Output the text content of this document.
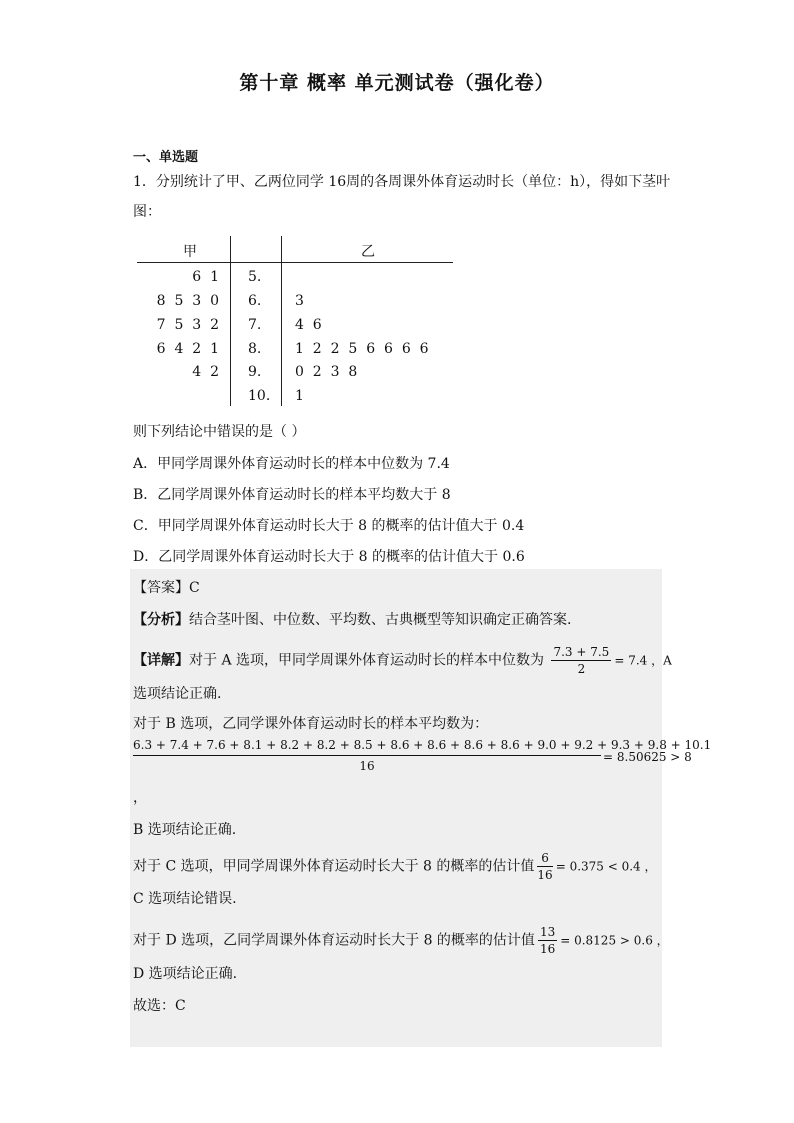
第十章 概率 单元测试卷（强化卷）
一、单选题
1．分别统计了甲、乙两位同学 16周的各周课外体育运动时长（单位：h），得如下茎叶
图：
甲	乙
6  1 5.
8  5  3  0 6. 3
7  5  3  2 7. 4  6
6  4  2  1 8. 1  2  2  5  6  6  6  6
4  2 9. 0  2  3  8
10. 1
则下列结论中错误的是（ ）
A．甲同学周课外体育运动时长的样本中位数为 7.4
B．乙同学周课外体育运动时长的样本平均数大于 8
C．甲同学周课外体育运动时长大于 8 的概率的估计值大于 0.4
D．乙同学周课外体育运动时长大于 8 的概率的估计值大于 0.6
【答案】C
【分析】结合茎叶图、中位数、平均数、古典概型等知识确定正确答案.
【详解】对于 A 选项，甲同学周课外体育运动时长的样本中位数为 $\frac{7.3 + 7.5}{2} = 7.4$ ，A
选项结论正确.
对于 B 选项，乙同学课外体育运动时长的样本平均数为：
6.3 + 7.4 + 7.6 + 8.1 + 8.2 + 8.2 + 8.5 + 8.6 + 8.6 + 8.6 + 8.6 + 9.0 + 9.2 + 9.3 + 9.8 + 10.1
16
= 8.50625 > 8
，
B 选项结论正确.
对于 C 选项，甲同学周课外体育运动时长大于 8 的概率的估计值 $\frac{6}{16} = 0.375 < 0.4$ ，
C 选项结论错误.
对于 D 选项，乙同学周课外体育运动时长大于 8 的概率的估计值 $\frac{13}{16} = 0.8125 > 0.6$ ，
D 选项结论正确.
故选：C
